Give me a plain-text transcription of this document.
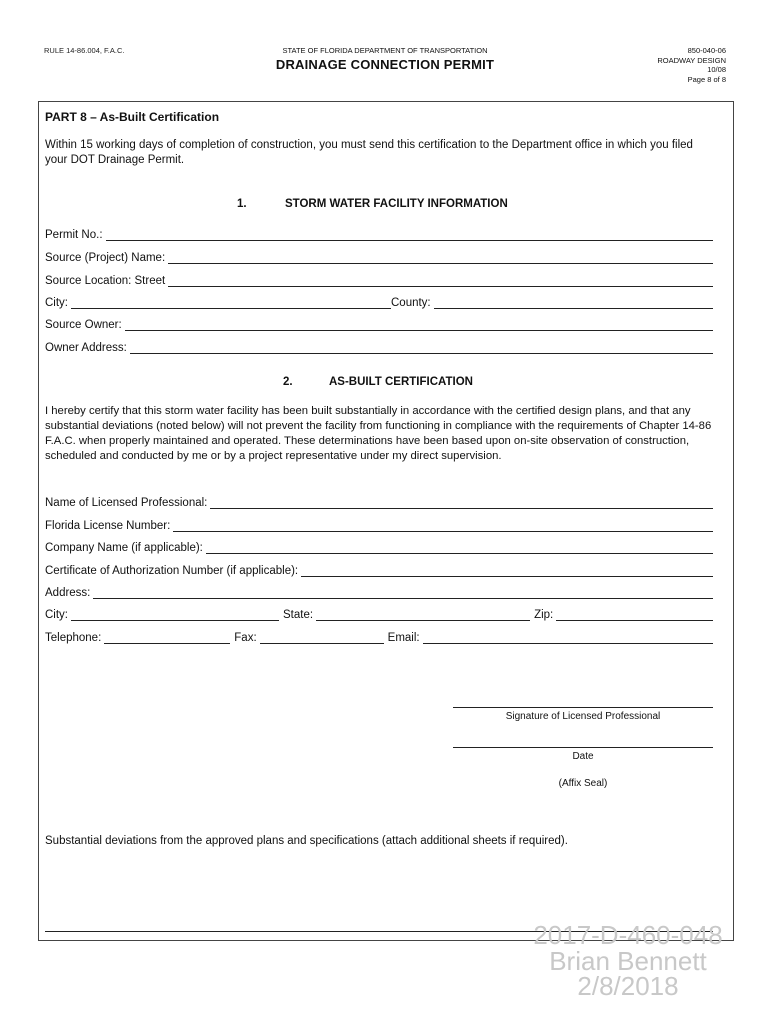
RULE 14-86.004, F.A.C.	STATE OF FLORIDA DEPARTMENT OF TRANSPORTATION
DRAINAGE CONNECTION PERMIT
850-040-06
ROADWAY DESIGN
10/08
Page 8 of 8
PART 8 – As-Built Certification
Within 15 working days of completion of construction, you must send this certification to the Department office in which you filed your DOT Drainage Permit.
1.	STORM WATER FACILITY INFORMATION
Permit No.:
Source (Project) Name:
Source Location: Street
City:	County:
Source Owner:
Owner Address:
2.	AS-BUILT CERTIFICATION
I hereby certify that this storm water facility has been built substantially in accordance with the certified design plans, and that any substantial deviations (noted below) will not prevent the facility from functioning in compliance with the requirements of Chapter 14-86 F.A.C. when properly maintained and operated. These determinations have been based upon on-site observation of construction, scheduled and conducted by me or by a project representative under my direct supervision.
Name of Licensed Professional:
Florida License Number:
Company Name (if applicable):
Certificate of Authorization Number (if applicable):
Address:
City:	State:	Zip:
Telephone:	Fax:	Email:
Signature of Licensed Professional
Date
(Affix Seal)
Substantial deviations from the approved plans and specifications (attach additional sheets if required).
2017-D-460-048
Brian Bennett
2/8/2018
